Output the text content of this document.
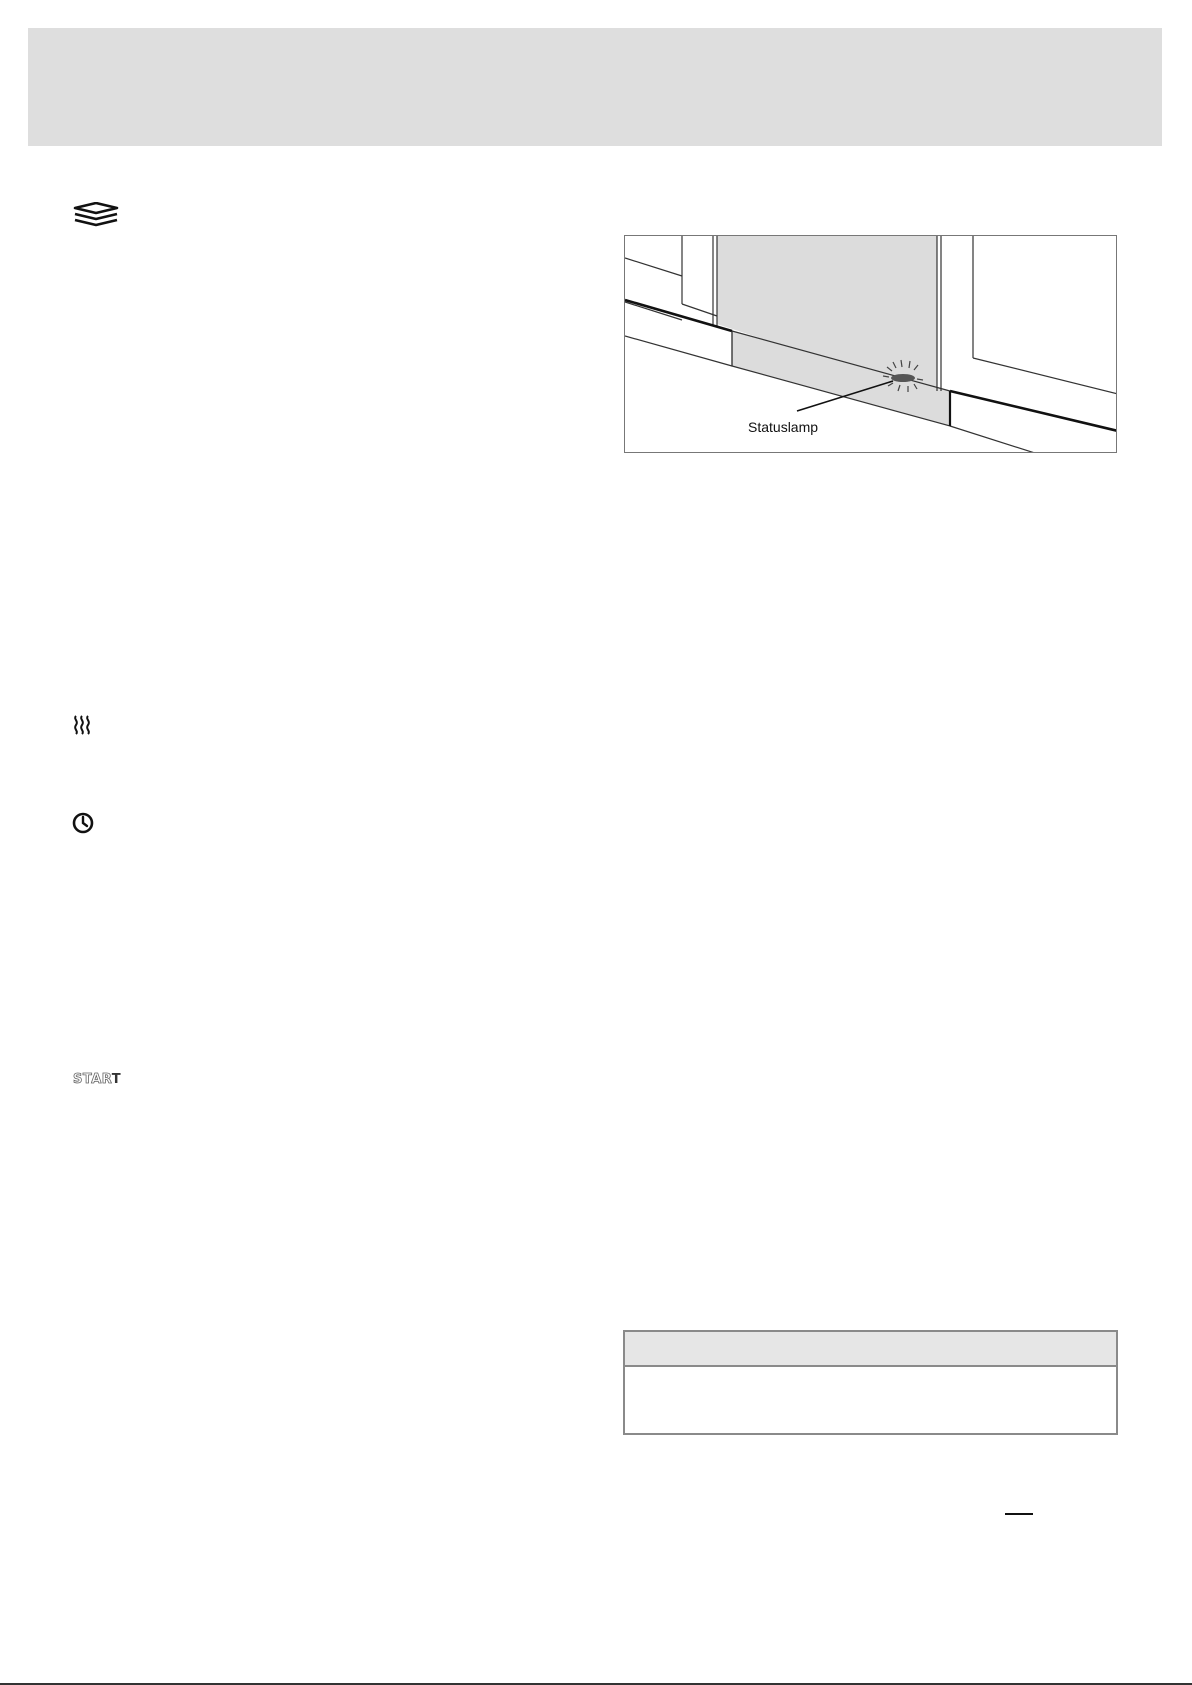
START
Statuslamp
